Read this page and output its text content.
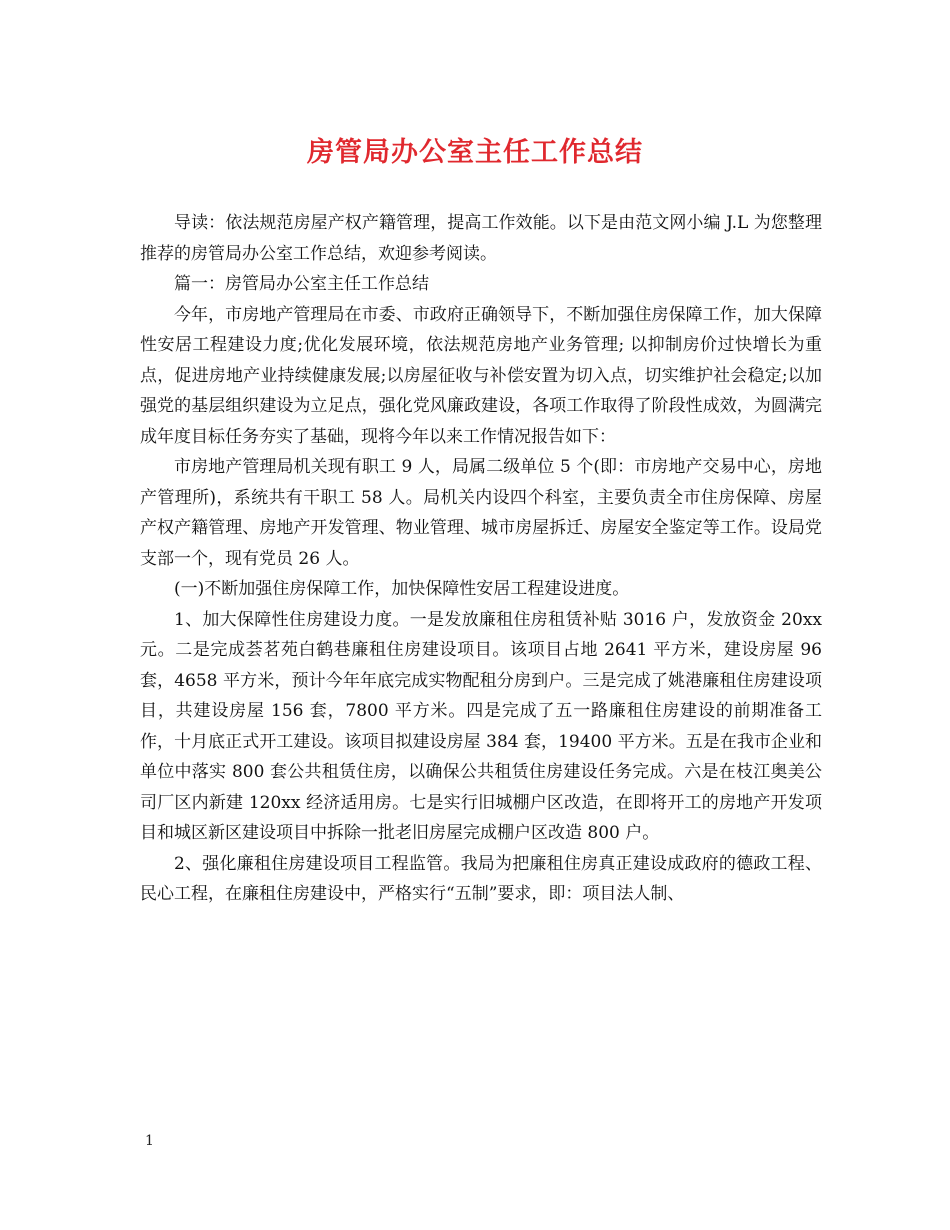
房管局办公室主任工作总结

导读：依法规范房屋产权产籍管理，提高工作效能。以下是由范文网小编 J.L 为您整理推荐的房管局办公室工作总结，欢迎参考阅读。

篇一：房管局办公室主任工作总结

今年，市房地产管理局在市委、市政府正确领导下，不断加强住房保障工作，加大保障性安居工程建设力度;优化发展环境，依法规范房地产业务管理; 以抑制房价过快增长为重点，促进房地产业持续健康发展;以房屋征收与补偿安置为切入点，切实维护社会稳定;以加强党的基层组织建设为立足点，强化党风廉政建设，各项工作取得了阶段性成效，为圆满完成年度目标任务夯实了基础，现将今年以来工作情况报告如下：

市房地产管理局机关现有职工 9 人，局属二级单位 5 个(即：市房地产交易中心，房地产管理所)，系统共有干职工 58 人。局机关内设四个科室，主要负责全市住房保障、房屋产权产籍管理、房地产开发管理、物业管理、城市房屋拆迁、房屋安全鉴定等工作。设局党支部一个，现有党员 26 人。

(一)不断加强住房保障工作，加快保障性安居工程建设进度。

1、加大保障性住房建设力度。一是发放廉租住房租赁补贴 3016 户，发放资金 20xx 元。二是完成荟茗苑白鹤巷廉租住房建设项目。该项目占地 2641 平方米，建设房屋 96 套，4658 平方米，预计今年年底完成实物配租分房到户。三是完成了姚港廉租住房建设项目，共建设房屋 156 套，7800 平方米。四是完成了五一路廉租住房建设的前期准备工作，十月底正式开工建设。该项目拟建设房屋 384 套，19400 平方米。五是在我市企业和单位中落实 800 套公共租赁住房，以确保公共租赁住房建设任务完成。六是在枝江奥美公司厂区内新建 120xx 经济适用房。七是实行旧城棚户区改造，在即将开工的房地产开发项目和城区新区建设项目中拆除一批老旧房屋完成棚户区改造 800 户。

2、强化廉租住房建设项目工程监管。我局为把廉租住房真正建设成政府的德政工程、民心工程，在廉租住房建设中，严格实行“五制”要求，即：项目法人制、

1
